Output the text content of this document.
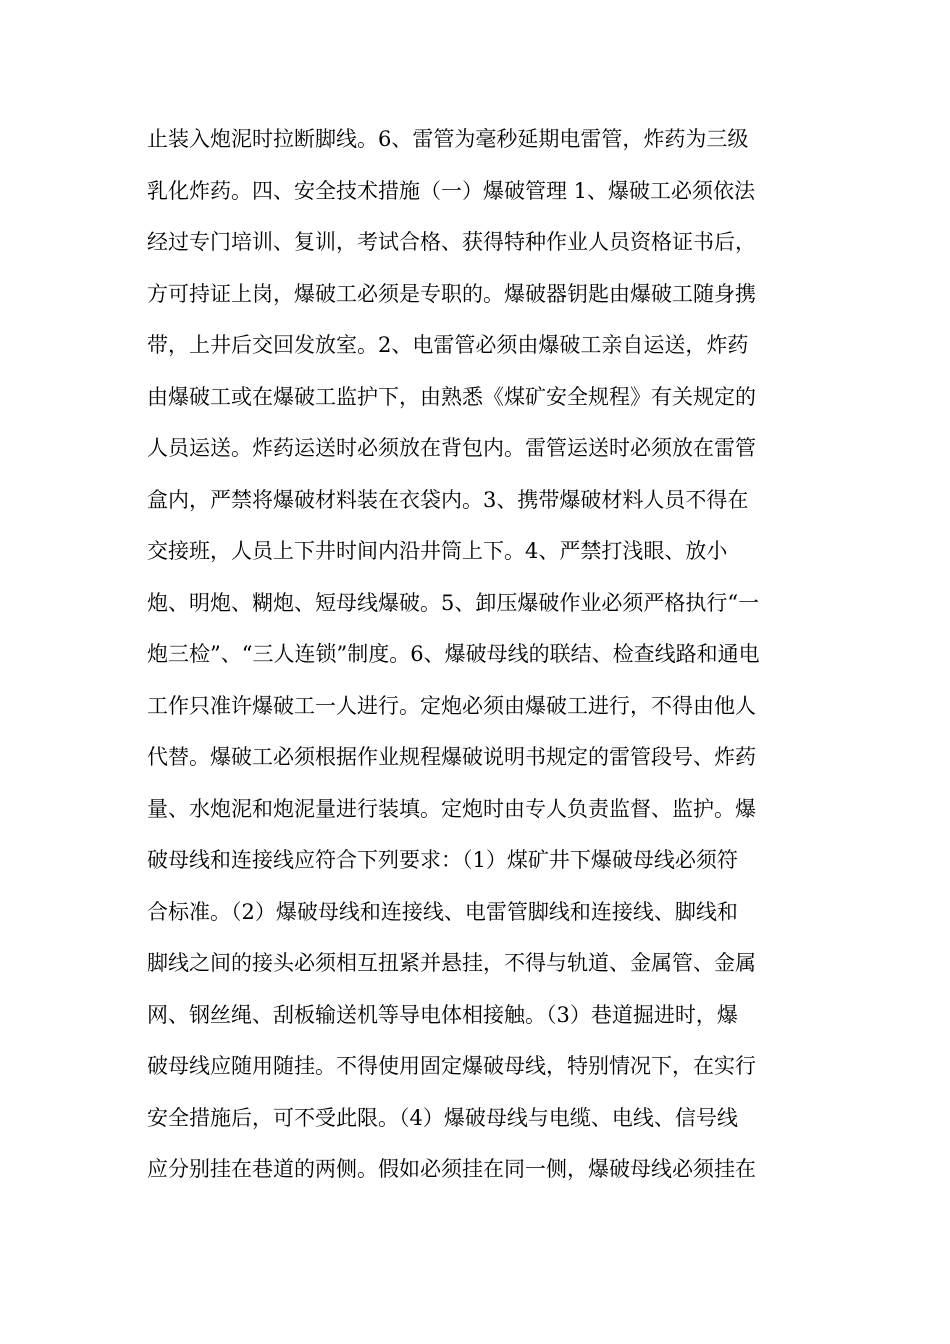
止装入炮泥时拉断脚线。6、雷管为毫秒延期电雷管，炸药为三级
乳化炸药。四、安全技术措施（一）爆破管理 1、爆破工必须依法
经过专门培训、复训，考试合格、获得特种作业人员资格证书后，
方可持证上岗，爆破工必须是专职的。爆破器钥匙由爆破工随身携
带，上井后交回发放室。2、电雷管必须由爆破工亲自运送，炸药
由爆破工或在爆破工监护下，由熟悉《煤矿安全规程》有关规定的
人员运送。炸药运送时必须放在背包内。雷管运送时必须放在雷管
盒内，严禁将爆破材料装在衣袋内。3、携带爆破材料人员不得在
交接班，人员上下井时间内沿井筒上下。4、严禁打浅眼、放小
炮、明炮、糊炮、短母线爆破。5、卸压爆破作业必须严格执行“一
炮三检”、“三人连锁”制度。6、爆破母线的联结、检查线路和通电
工作只准许爆破工一人进行。定炮必须由爆破工进行，不得由他人
代替。爆破工必须根据作业规程爆破说明书规定的雷管段号、炸药
量、水炮泥和炮泥量进行装填。定炮时由专人负责监督、监护。爆
破母线和连接线应符合下列要求：（1）煤矿井下爆破母线必须符
合标准。（2）爆破母线和连接线、电雷管脚线和连接线、脚线和
脚线之间的接头必须相互扭紧并悬挂，不得与轨道、金属管、金属
网、钢丝绳、刮板输送机等导电体相接触。（3）巷道掘进时，爆
破母线应随用随挂。不得使用固定爆破母线，特别情况下，在实行
安全措施后，可不受此限。（4）爆破母线与电缆、电线、信号线
应分别挂在巷道的两侧。假如必须挂在同一侧，爆破母线必须挂在
